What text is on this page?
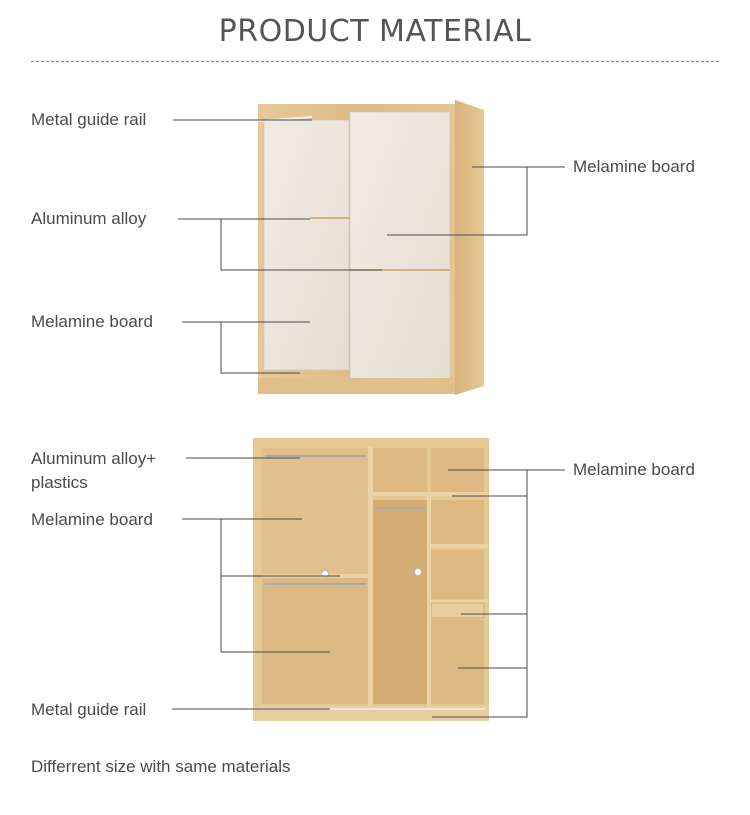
PRODUCT MATERIAL
Metal guide rail
Aluminum alloy
Melamine board
Melamine board
Aluminum alloy+
plastics
Melamine board
Metal guide rail
Melamine board
Differrent size with same materials
